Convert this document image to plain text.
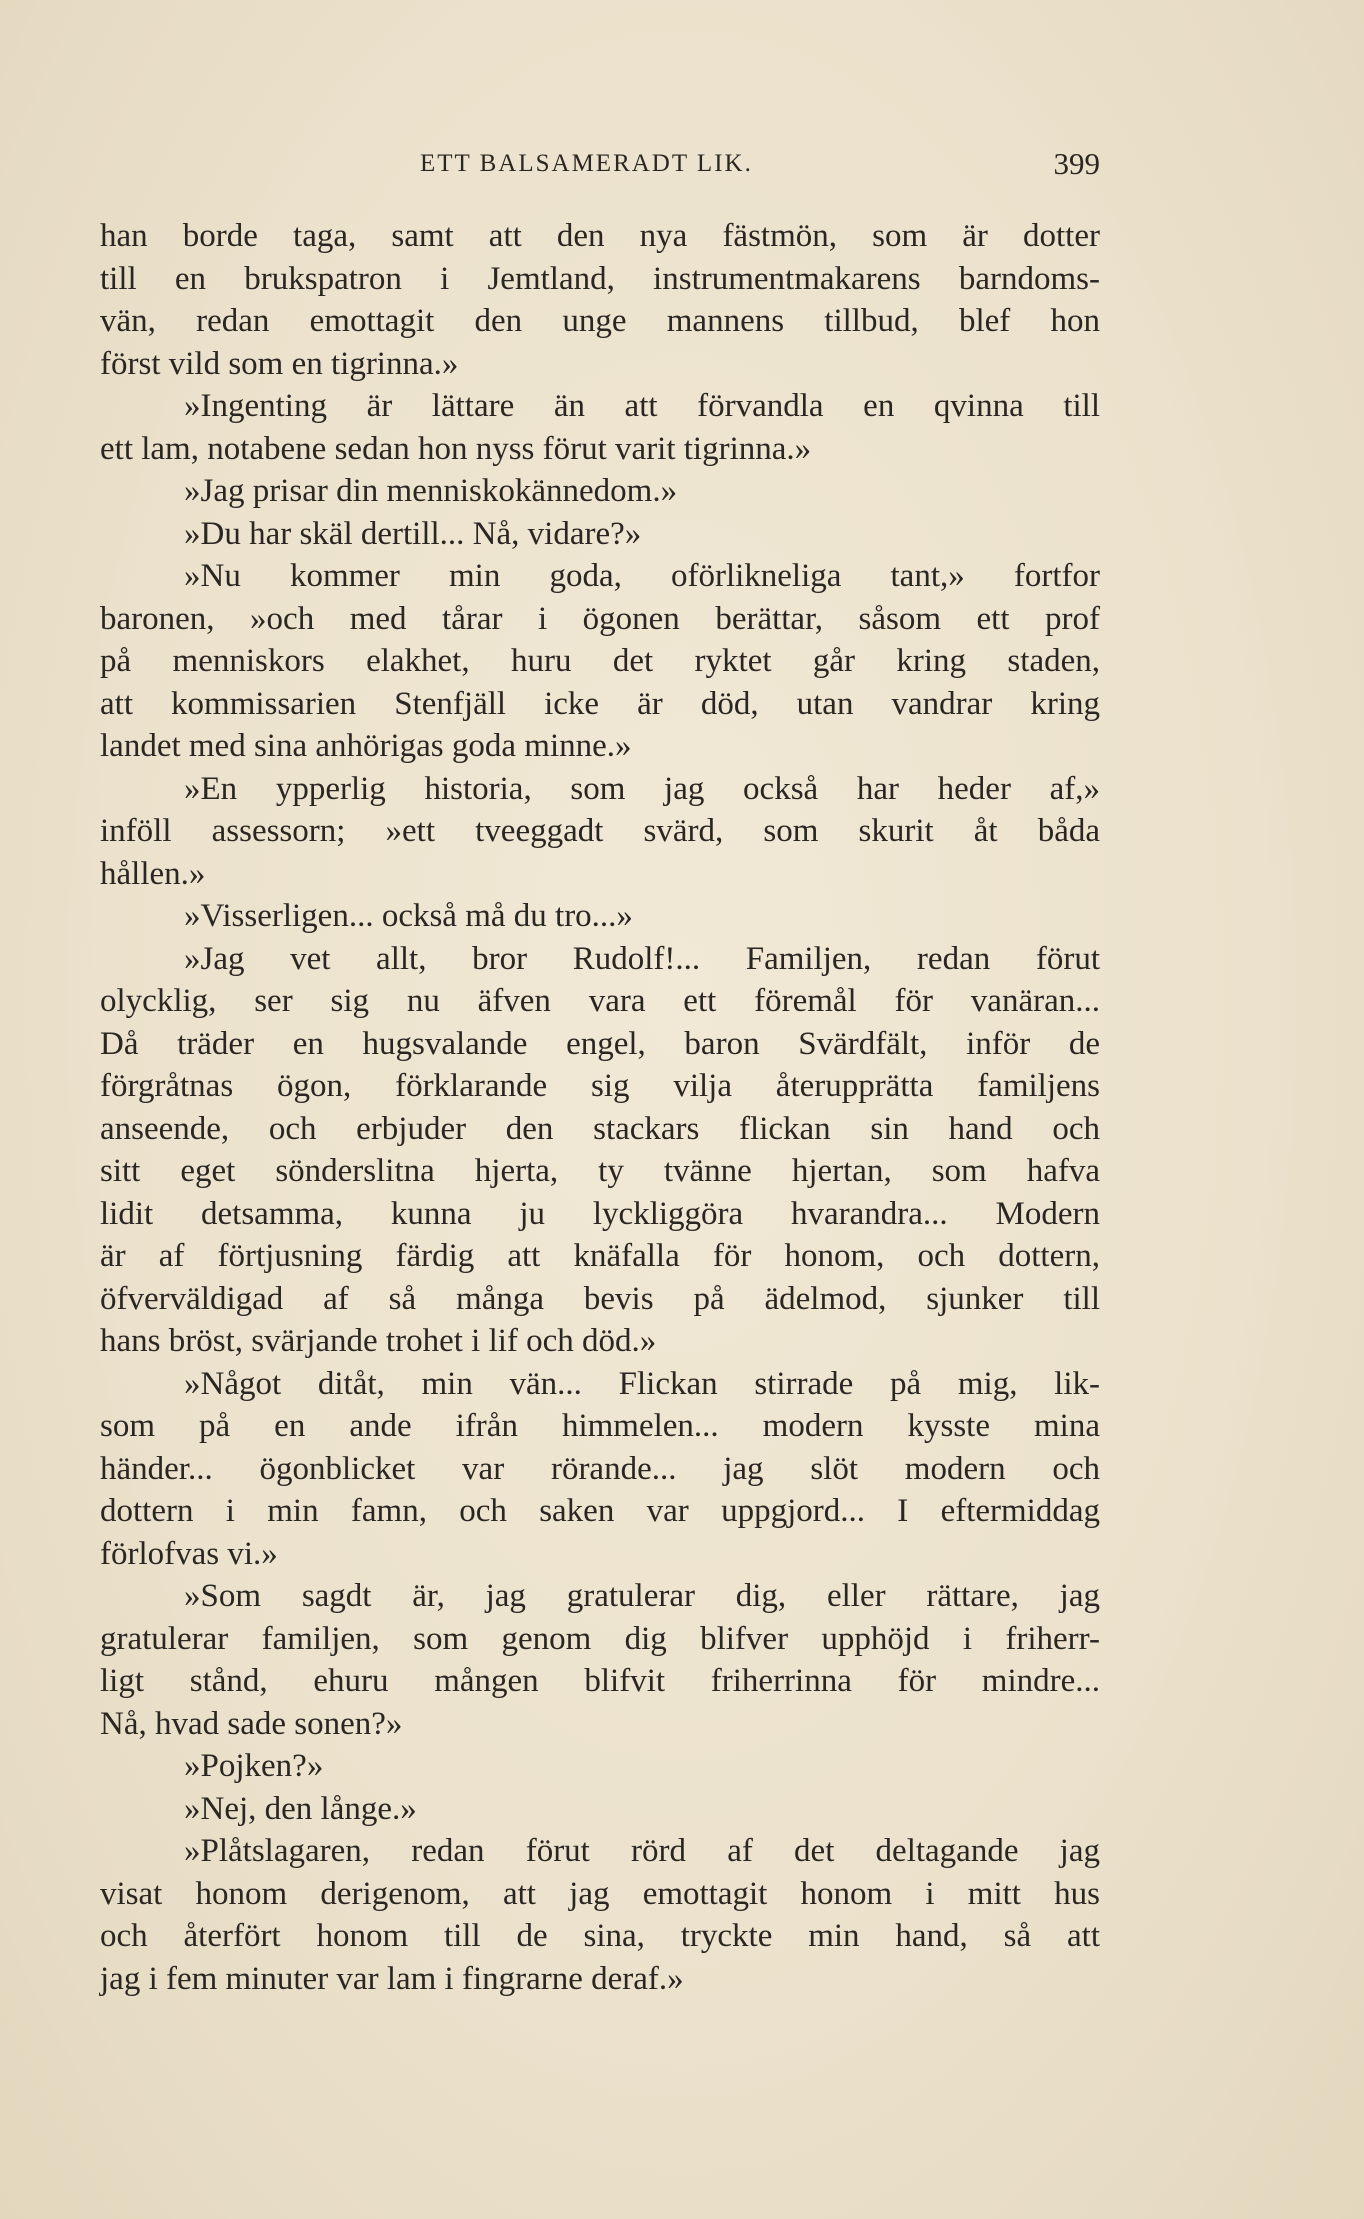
ETT BALSAMERADT LIK.	399
han borde taga, samt att den nya fästmön, som är dotter
till en brukspatron i Jemtland, instrumentmakarens barndoms-
vän, redan emottagit den unge mannens tillbud, blef hon
först vild som en tigrinna.»
»Ingenting är lättare än att förvandla en qvinna till
ett lam, notabene sedan hon nyss förut varit tigrinna.»
»Jag prisar din menniskokännedom.»
»Du har skäl dertill... Nå, vidare?»
»Nu kommer min goda, oförlikneliga tant,» fortfor
baronen, »och med tårar i ögonen berättar, såsom ett prof
på menniskors elakhet, huru det ryktet går kring staden,
att kommissarien Stenfjäll icke är död, utan vandrar kring
landet med sina anhörigas goda minne.»
»En ypperlig historia, som jag också har heder af,»
inföll assessorn; »ett tveeggadt svärd, som skurit åt båda
hållen.»
»Visserligen... också må du tro...»
»Jag vet allt, bror Rudolf!... Familjen, redan förut
olycklig, ser sig nu äfven vara ett föremål för vanäran...
Då träder en hugsvalande engel, baron Svärdfält, inför de
förgråtnas ögon, förklarande sig vilja återupprätta familjens
anseende, och erbjuder den stackars flickan sin hand och
sitt eget sönderslitna hjerta, ty tvänne hjertan, som hafva
lidit detsamma, kunna ju lyckliggöra hvarandra... Modern
är af förtjusning färdig att knäfalla för honom, och dottern,
öfverväldigad af så många bevis på ädelmod, sjunker till
hans bröst, svärjande trohet i lif och död.»
»Något ditåt, min vän... Flickan stirrade på mig, lik-
som på en ande ifrån himmelen... modern kysste mina
händer... ögonblicket var rörande... jag slöt modern och
dottern i min famn, och saken var uppgjord... I eftermiddag
förlofvas vi.»
»Som sagdt är, jag gratulerar dig, eller rättare, jag
gratulerar familjen, som genom dig blifver upphöjd i friherr-
ligt stånd, ehuru mången blifvit friherrinna för mindre...
Nå, hvad sade sonen?»
»Pojken?»
»Nej, den långe.»
»Plåtslagaren, redan förut rörd af det deltagande jag
visat honom derigenom, att jag emottagit honom i mitt hus
och återfört honom till de sina, tryckte min hand, så att
jag i fem minuter var lam i fingrarne deraf.»
